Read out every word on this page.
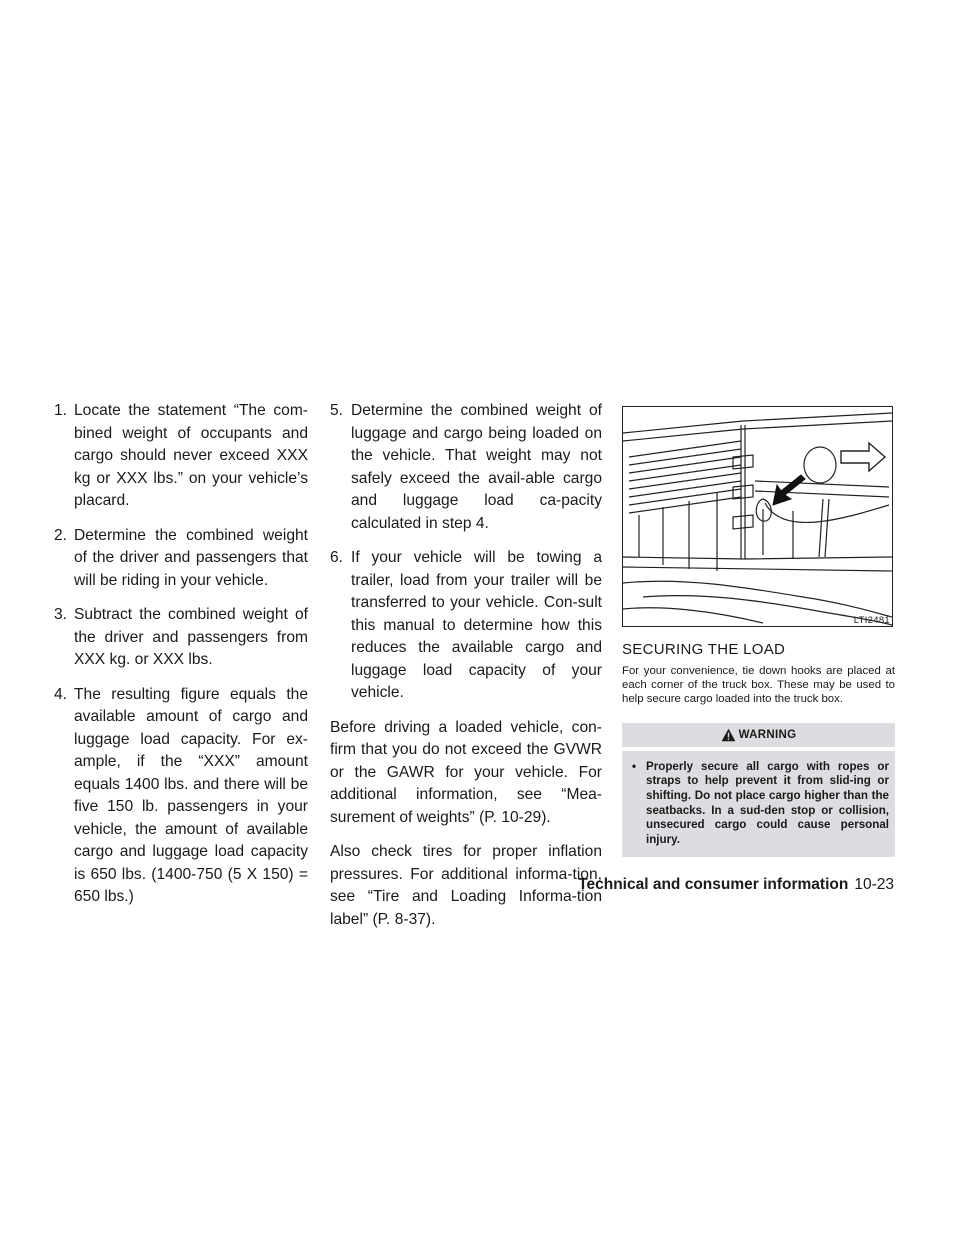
1. Locate the statement “The com-bined weight of occupants and cargo should never exceed XXX kg or XXX lbs.” on your vehicle’s placard.
2. Determine the combined weight of the driver and passengers that will be riding in your vehicle.
3. Subtract the combined weight of the driver and passengers from XXX kg. or XXX lbs.
4. The resulting figure equals the available amount of cargo and luggage load capacity. For ex-ample, if the “XXX” amount equals 1400 lbs. and there will be five 150 lb. passengers in your vehicle, the amount of available cargo and luggage load capacity is 650 lbs. (1400-750 (5 X 150) = 650 lbs.)
5. Determine the combined weight of luggage and cargo being loaded on the vehicle. That weight may not safely exceed the avail-able cargo and luggage load ca-pacity calculated in step 4.
6. If your vehicle will be towing a trailer, load from your trailer will be transferred to your vehicle. Con-sult this manual to determine how this reduces the available cargo and luggage load capacity of your vehicle.

Before driving a loaded vehicle, con-firm that you do not exceed the GVWR or the GAWR for your vehicle. For additional information, see “Mea-surement of weights” (P. 10-29).

Also check tires for proper inflation pressures. For additional informa-tion, see “Tire and Loading Informa-tion label” (P. 8-37).

LTI2481
SECURING THE LOAD

For your convenience, tie down hooks are placed at each corner of the truck box. These may be used to help secure cargo loaded into the truck box.

WARNING
• Properly secure all cargo with ropes or straps to help prevent it from slid-ing or shifting. Do not place cargo higher than the seatbacks. In a sud-den stop or collision, unsecured cargo could cause personal injury.
Technical and consumer information 10-23
